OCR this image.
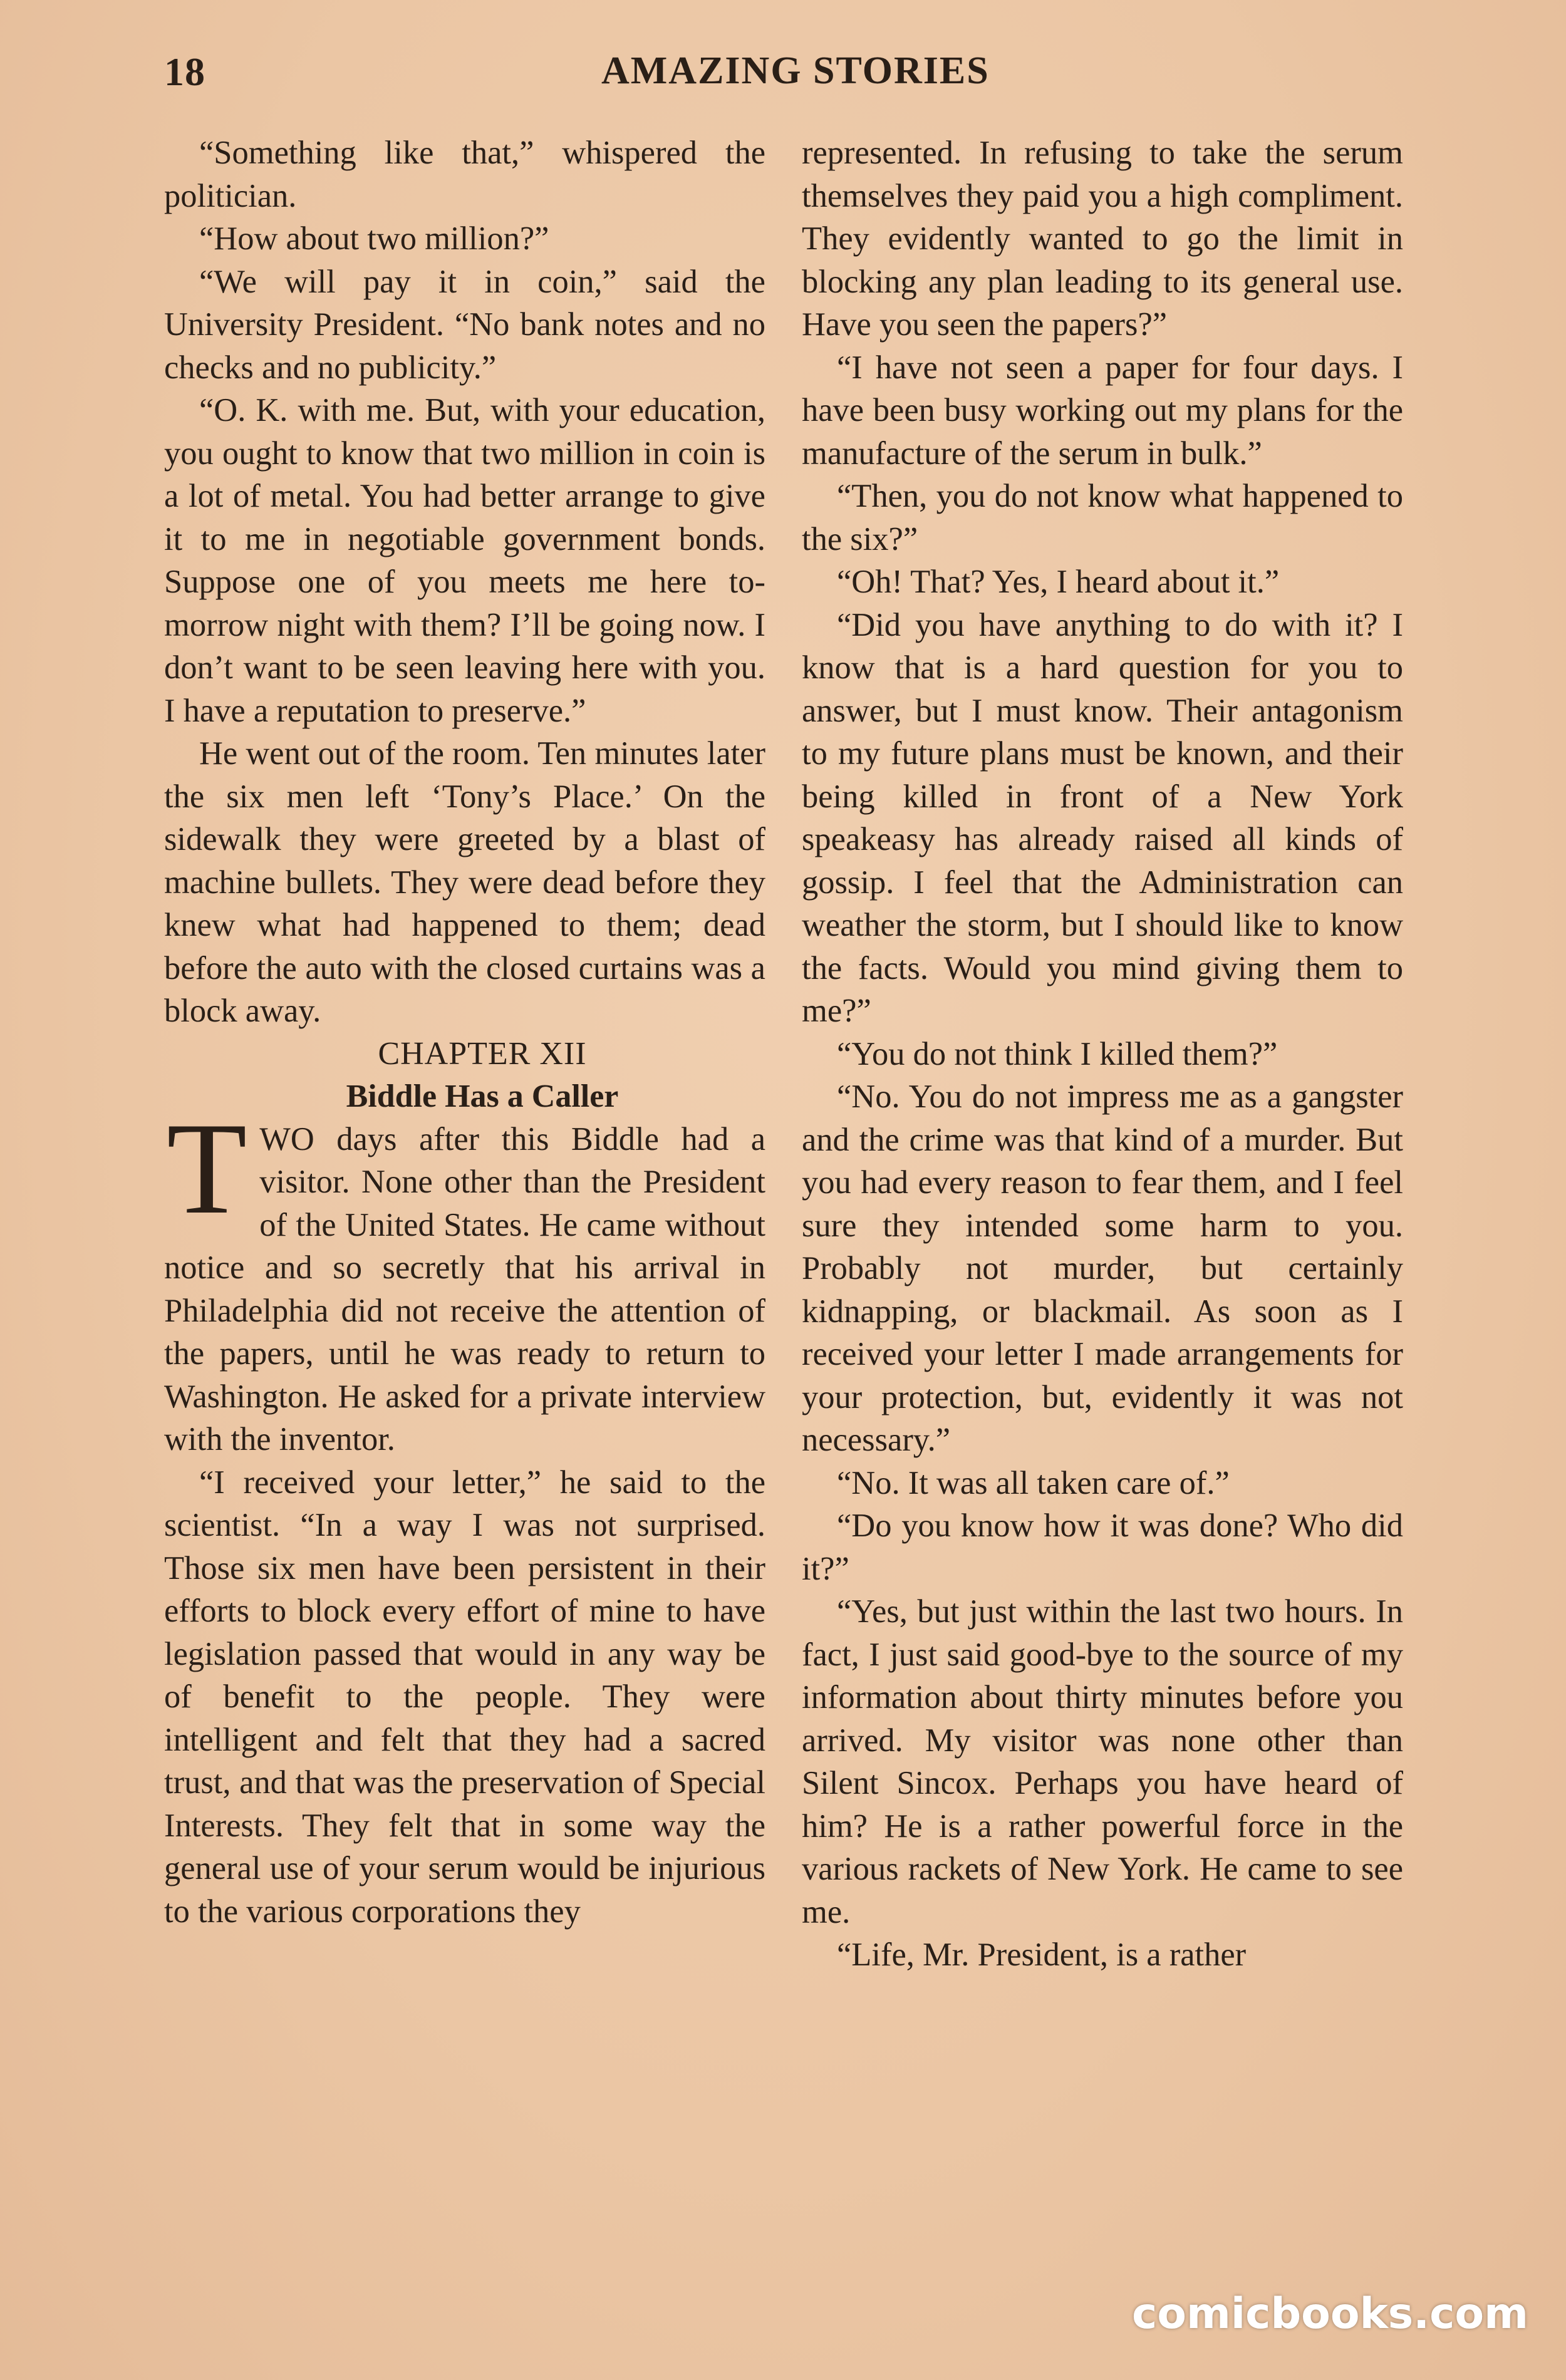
18	AMAZING STORIES

“Something like that,” whispered the politician.

“How about two million?”

“We will pay it in coin,” said the University President. “No bank notes and no checks and no publicity.”

“O. K. with me. But, with your education, you ought to know that two million in coin is a lot of metal. You had better arrange to give it to me in negotiable government bonds. Suppose one of you meets me here to-morrow night with them? I’ll be going now. I don’t want to be seen leaving here with you. I have a reputation to preserve.”

He went out of the room. Ten minutes later the six men left ‘Tony’s Place.’ On the sidewalk they were greeted by a blast of machine bullets. They were dead before they knew what had happened to them; dead before the auto with the closed curtains was a block away.

CHAPTER XII

Biddle Has a Caller

TWO days after this Biddle had a visitor. None other than the President of the United States. He came without notice and so secretly that his arrival in Philadelphia did not receive the attention of the papers, until he was ready to return to Washington. He asked for a private interview with the inventor.

“I received your letter,” he said to the scientist. “In a way I was not surprised. Those six men have been persistent in their efforts to block every effort of mine to have legislation passed that would in any way be of benefit to the people. They were intelligent and felt that they had a sacred trust, and that was the preservation of Special Interests. They felt that in some way the general use of your serum would be injurious to the various corporations they

represented. In refusing to take the serum themselves they paid you a high compliment. They evidently wanted to go the limit in blocking any plan leading to its general use. Have you seen the papers?”

“I have not seen a paper for four days. I have been busy working out my plans for the manufacture of the serum in bulk.”

“Then, you do not know what happened to the six?”

“Oh! That? Yes, I heard about it.”

“Did you have anything to do with it? I know that is a hard question for you to answer, but I must know. Their antagonism to my future plans must be known, and their being killed in front of a New York speakeasy has already raised all kinds of gossip. I feel that the Administration can weather the storm, but I should like to know the facts. Would you mind giving them to me?”

“You do not think I killed them?”

“No. You do not impress me as a gangster and the crime was that kind of a murder. But you had every reason to fear them, and I feel sure they intended some harm to you. Probably not murder, but certainly kidnapping, or blackmail. As soon as I received your letter I made arrangements for your protection, but, evidently it was not necessary.”

“No. It was all taken care of.”

“Do you know how it was done? Who did it?”

“Yes, but just within the last two hours. In fact, I just said good-bye to the source of my information about thirty minutes before you arrived. My visitor was none other than Silent Sincox. Perhaps you have heard of him? He is a rather powerful force in the various rackets of New York. He came to see me.

“Life, Mr. President, is a rather

comicbooks.com
